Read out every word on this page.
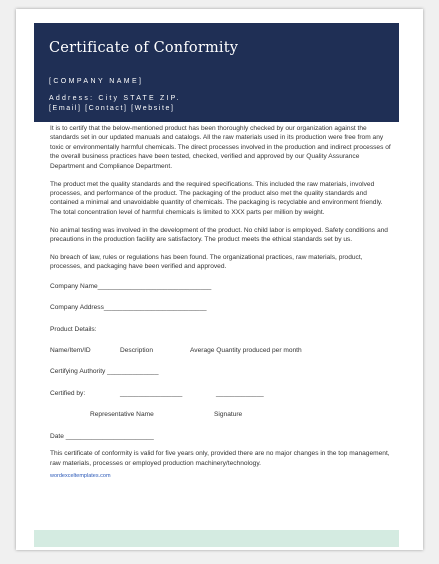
Certificate of Conformity
[COMPANY NAME]
Address: City STATE ZIP.
[Email] [Contact] [Website]

It is to certify that the below-mentioned product has been thoroughly checked by our organization against the standards set in our updated manuals and catalogs. All the raw materials used in its production were free from any toxic or environmentally harmful chemicals. The direct processes involved in the production and indirect processes of the overall business practices have been tested, checked, verified and approved by our Quality Assurance Department and Compliance Department.

The product met the quality standards and the required specifications. This included the raw materials, involved processes, and performance of the product. The packaging of the product also met the quality standards and contained a minimal and unavoidable quantity of chemicals. The packaging is recyclable and environment friendly. The total concentration level of harmful chemicals is limited to XXX parts per million by weight.

No animal testing was involved in the development of the product. No child labor is employed. Safety conditions and precautions in the production facility are satisfactory. The product meets the ethical standards set by us.

No breach of law, rules or regulations has been found. The organizational practices, raw materials, product, processes, and packaging have been verified and approved.

Company Name_______________________________
Company Address____________________________
Product Details:
Name/Item/ID	Description	Average Quantity produced per month
Certifying Authority ______________
Certified by:	_________________	_____________
Representative Name	Signature
Date ________________________

This certificate of conformity is valid for five years only, provided there are no major changes in the top management, raw materials, processes or employed production machinery/technology.

wordexceltemplates.com
